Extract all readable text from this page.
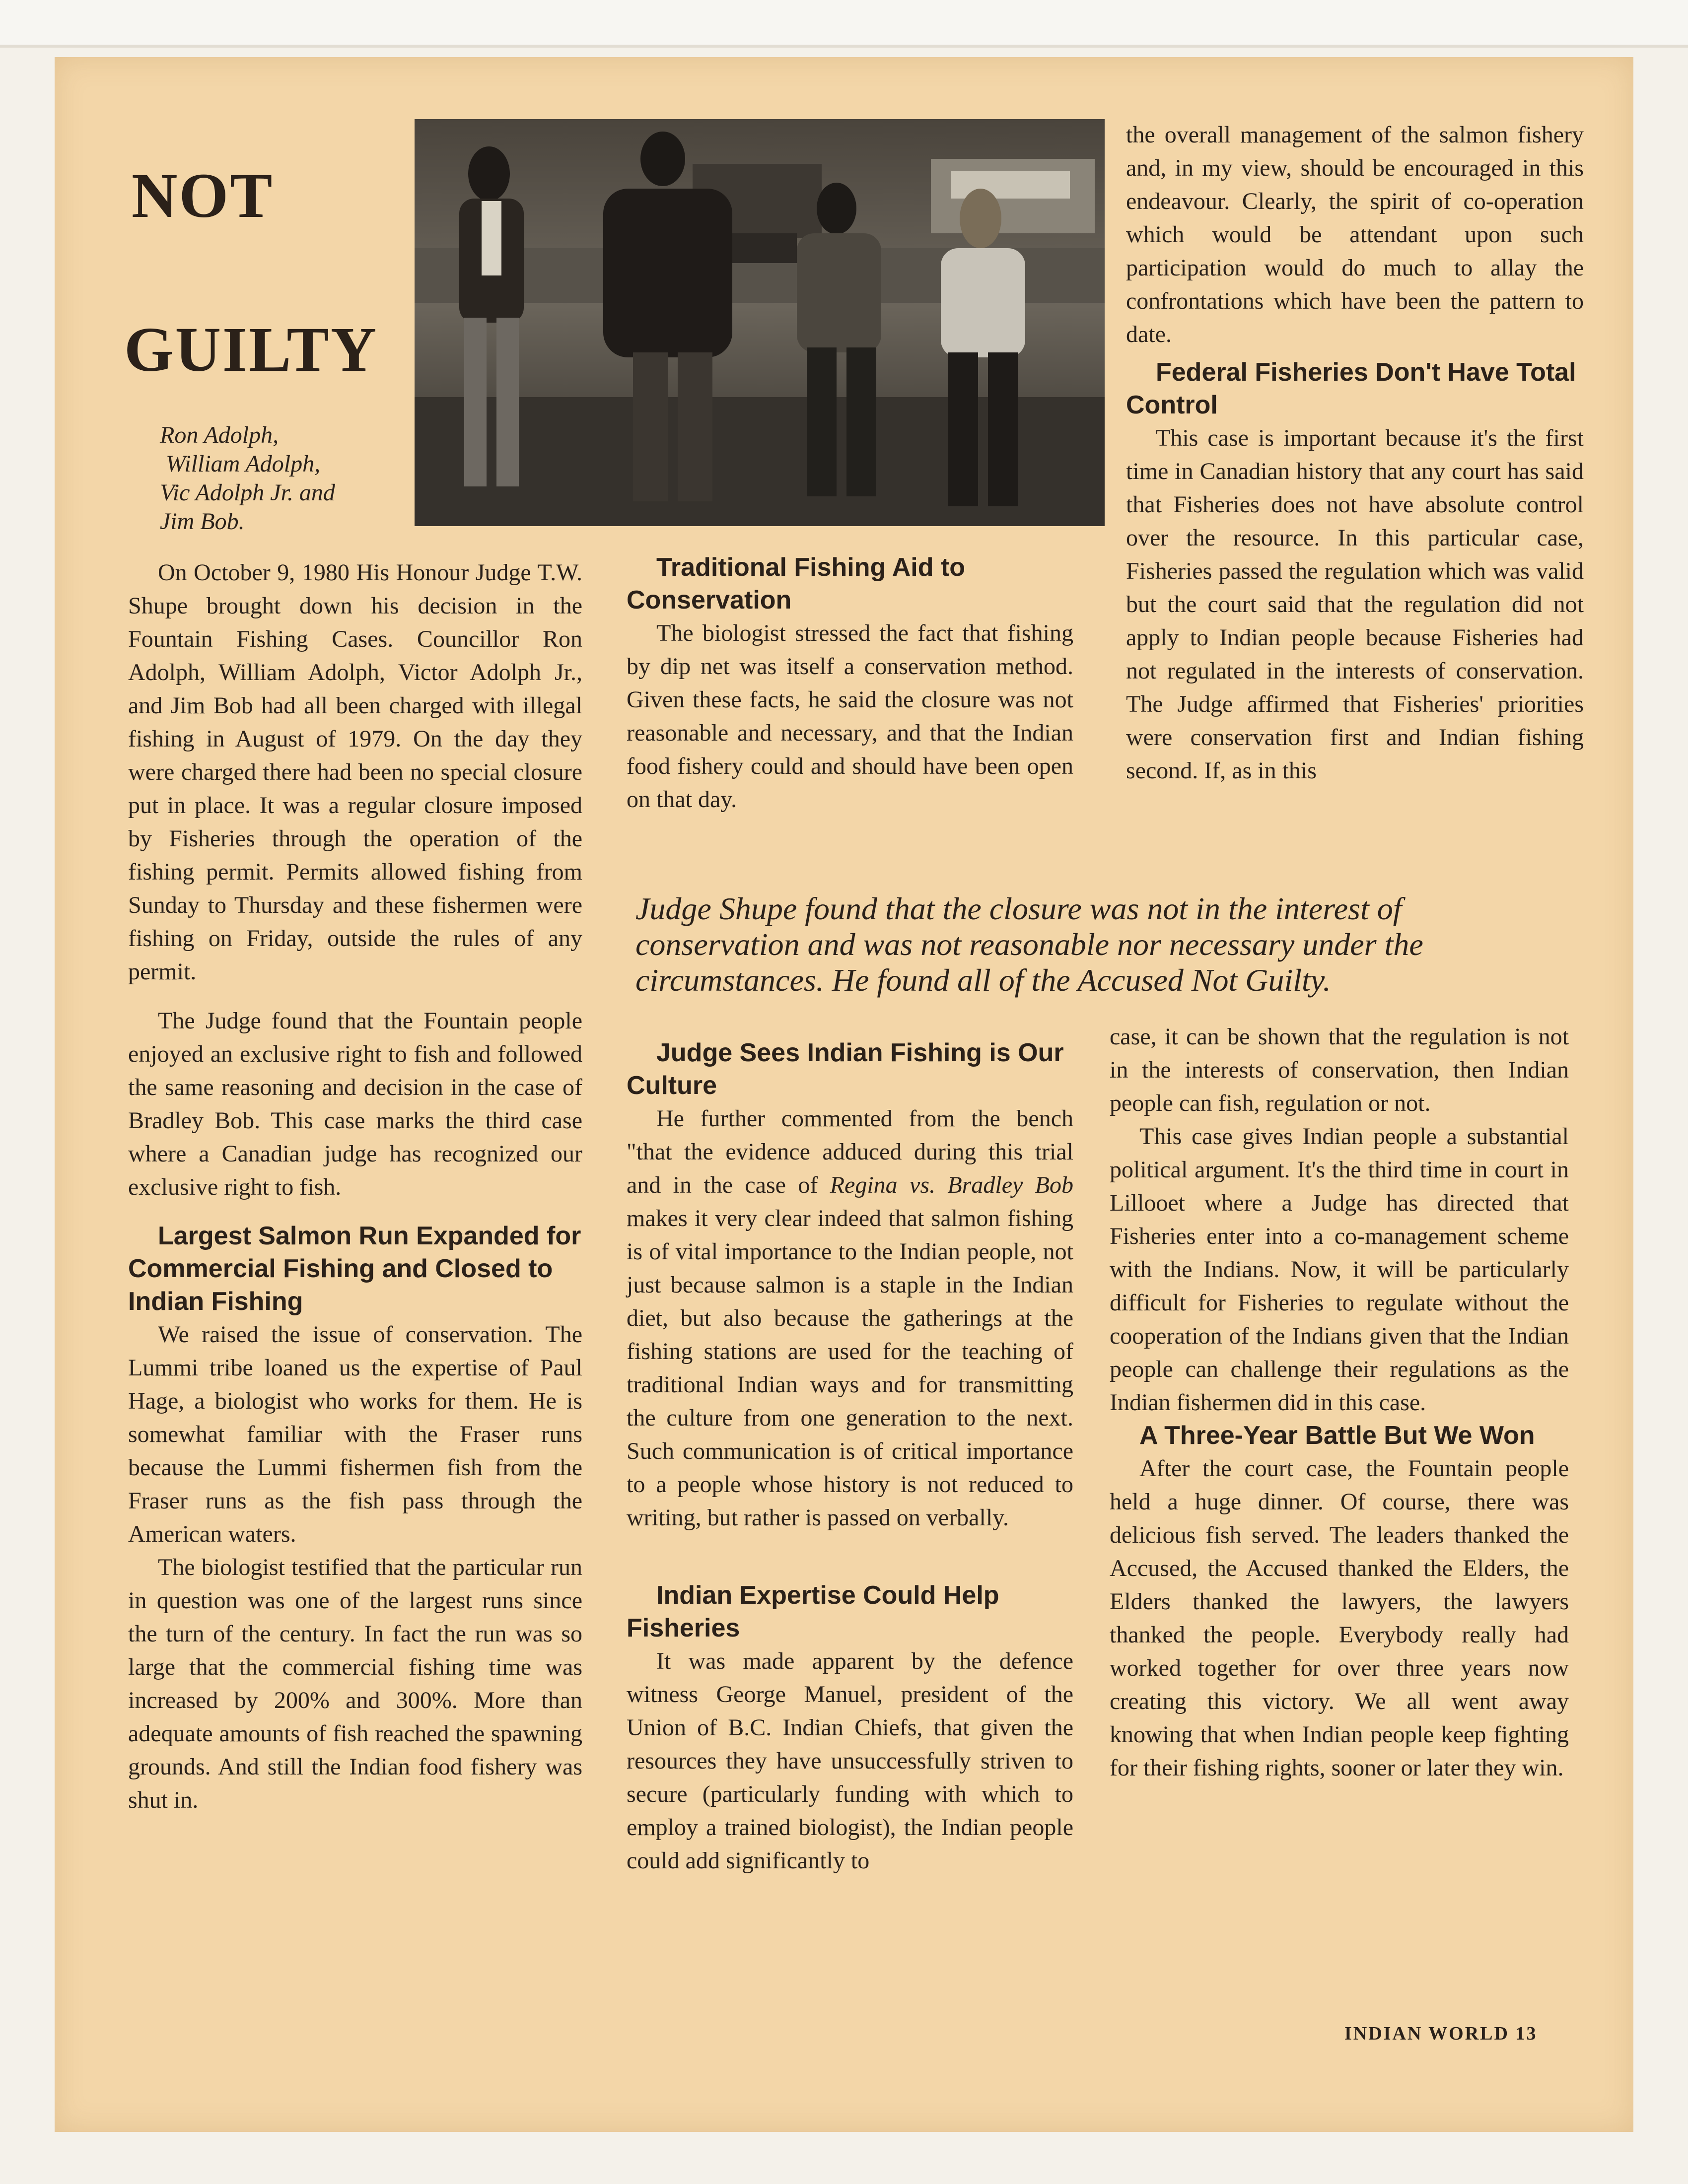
NOT
GUILTY
Ron Adolph,
William Adolph,
Vic Adolph Jr. and
Jim Bob.

On October 9, 1980 His Honour Judge T.W. Shupe brought down his decision in the Fountain Fishing Cases. Councillor Ron Adolph, William Adolph, Victor Adolph Jr., and Jim Bob had all been charged with illegal fishing in August of 1979. On the day they were charged there had been no special closure put in place. It was a regular closure imposed by Fisheries through the operation of the fishing permit. Permits allowed fishing from Sunday to Thursday and these fishermen were fishing on Friday, outside the rules of any permit.

The Judge found that the Fountain people enjoyed an exclusive right to fish and followed the same reasoning and decision in the case of Bradley Bob. This case marks the third case where a Canadian judge has recognized our exclusive right to fish.

Largest Salmon Run Expanded for Commercial Fishing and Closed to Indian Fishing

We raised the issue of conservation. The Lummi tribe loaned us the expertise of Paul Hage, a biologist who works for them. He is somewhat familiar with the Fraser runs because the Lummi fishermen fish from the Fraser runs as the fish pass through the American waters.

The biologist testified that the particular run in question was one of the largest runs since the turn of the century. In fact the run was so large that the commercial fishing time was increased by 200% and 300%. More than adequate amounts of fish reached the spawning grounds. And still the Indian food fishery was shut in.

Traditional Fishing Aid to Conservation

The biologist stressed the fact that fishing by dip net was itself a conservation method. Given these facts, he said the closure was not reasonable and necessary, and that the Indian food fishery could and should have been open on that day.

the overall management of the salmon fishery and, in my view, should be encouraged in this endeavour. Clearly, the spirit of co-operation which would be attendant upon such participation would do much to allay the confrontations which have been the pattern to date.

Federal Fisheries Don't Have Total Control

This case is important because it's the first time in Canadian history that any court has said that Fisheries does not have absolute control over the resource. In this particular case, Fisheries passed the regulation which was valid but the court said that the regulation did not apply to Indian people because Fisheries had not regulated in the interests of conservation. The Judge affirmed that Fisheries' priorities were conservation first and Indian fishing second. If, as in this

Judge Shupe found that the closure was not in the interest of
conservation and was not reasonable nor necessary under the
circumstances. He found all of the Accused Not Guilty.

Judge Sees Indian Fishing is Our Culture

He further commented from the bench "that the evidence adduced during this trial and in the case of Regina vs. Bradley Bob makes it very clear indeed that salmon fishing is of vital importance to the Indian people, not just because salmon is a staple in the Indian diet, but also because the gatherings at the fishing stations are used for the teaching of traditional Indian ways and for transmitting the culture from one generation to the next. Such communication is of critical importance to a people whose history is not reduced to writing, but rather is passed on verbally.

Indian Expertise Could Help Fisheries

It was made apparent by the defence witness George Manuel, president of the Union of B.C. Indian Chiefs, that given the resources they have unsuccessfully striven to secure (particularly funding with which to employ a trained biologist), the Indian people could add significantly to

case, it can be shown that the regulation is not in the interests of conservation, then Indian people can fish, regulation or not.

This case gives Indian people a substantial political argument. It's the third time in court in Lillooet where a Judge has directed that Fisheries enter into a co-management scheme with the Indians. Now, it will be particularly difficult for Fisheries to regulate without the cooperation of the Indians given that the Indian people can challenge their regulations as the Indian fishermen did in this case.

A Three-Year Battle But We Won

After the court case, the Fountain people held a huge dinner. Of course, there was delicious fish served. The leaders thanked the Accused, the Accused thanked the Elders, the Elders thanked the lawyers, the lawyers thanked the people. Everybody really had worked together for over three years now creating this victory. We all went away knowing that when Indian people keep fighting for their fishing rights, sooner or later they win.

INDIAN WORLD 13
